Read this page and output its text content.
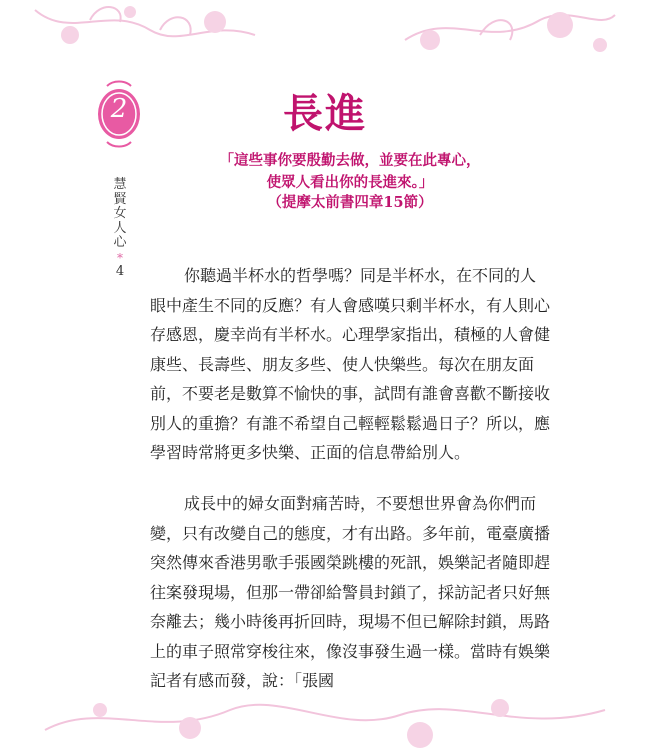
2
慧
賢
女
人
心
*
4
長進
「這些事你要殷勤去做，並要在此專心，
使眾人看出你的長進來。」
（提摩太前書四章15節）
你聽過半杯水的哲學嗎？同是半杯水，在不同的人眼中產生不同的反應？有人會感嘆只剩半杯水，有人則心存感恩，慶幸尚有半杯水。心理學家指出，積極的人會健康些、長壽些、朋友多些、使人快樂些。每次在朋友面前，不要老是數算不愉快的事，試問有誰會喜歡不斷接收別人的重擔？有誰不希望自己輕輕鬆鬆過日子？所以，應學習時常將更多快樂、正面的信息帶給別人。
成長中的婦女面對痛苦時，不要想世界會為你們而變，只有改變自己的態度，才有出路。多年前，電臺廣播突然傳來香港男歌手張國榮跳樓的死訊，娛樂記者隨即趕往案發現場，但那一帶卻給警員封鎖了，採訪記者只好無奈離去；幾小時後再折回時，現場不但已解除封鎖，馬路上的車子照常穿梭往來，像沒事發生過一樣。當時有娛樂記者有感而發，說：「張國
